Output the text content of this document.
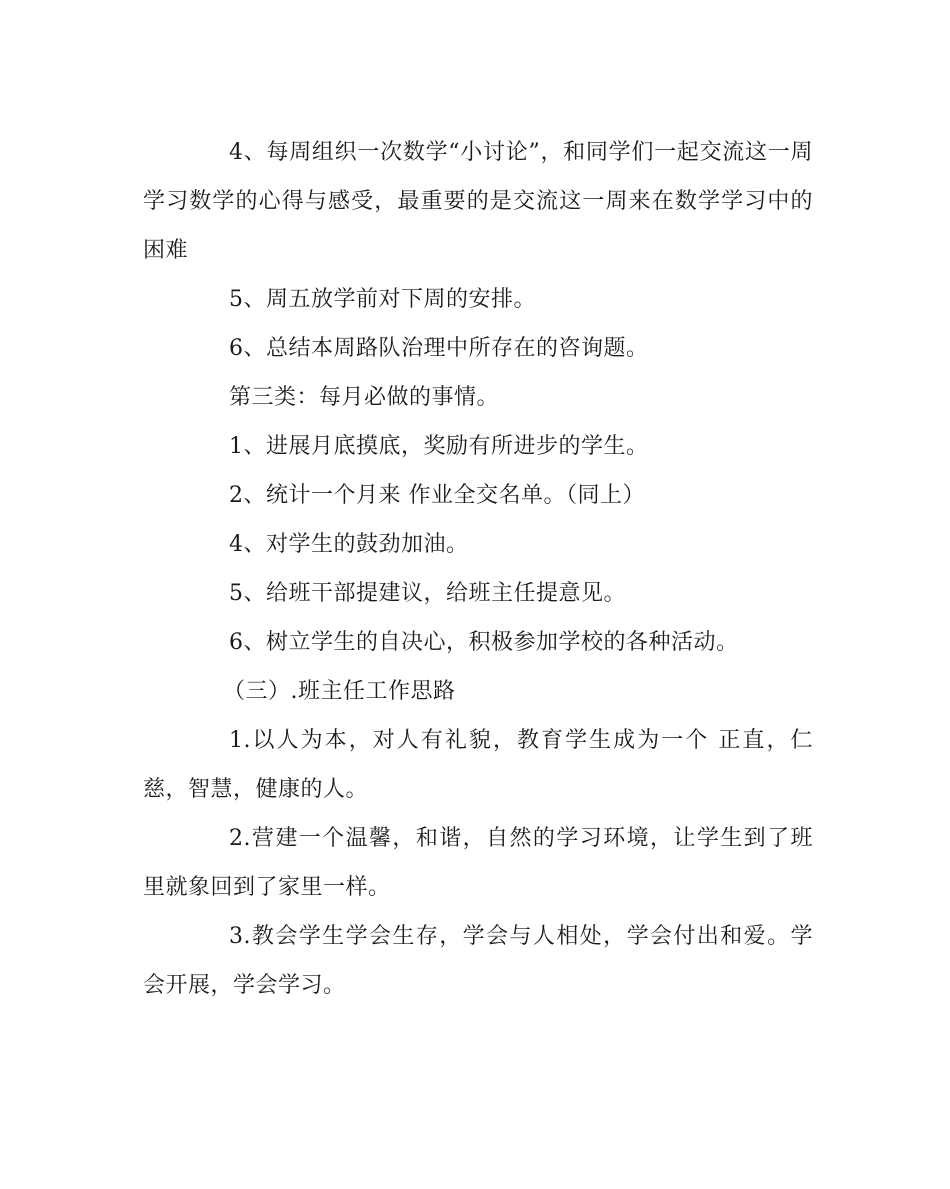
4、每周组织一次数学“小讨论”，和同学们一起交流这一周学习数学的心得与感受，最重要的是交流这一周来在数学学习中的困难

5、周五放学前对下周的安排。

6、总结本周路队治理中所存在的咨询题。

第三类：每月必做的事情。

1、进展月底摸底，奖励有所进步的学生。

2、统计一个月来 作业全交名单。（同上）

4、对学生的鼓劲加油。

5、给班干部提建议，给班主任提意见。

6、树立学生的自决心，积极参加学校的各种活动。

（三）.班主任工作思路

1.以人为本，对人有礼貌，教育学生成为一个 正直，仁慈，智慧，健康的人。

2.营建一个温馨，和谐，自然的学习环境，让学生到了班里就象回到了家里一样。

3.教会学生学会生存，学会与人相处，学会付出和爱。学会开展，学会学习。
